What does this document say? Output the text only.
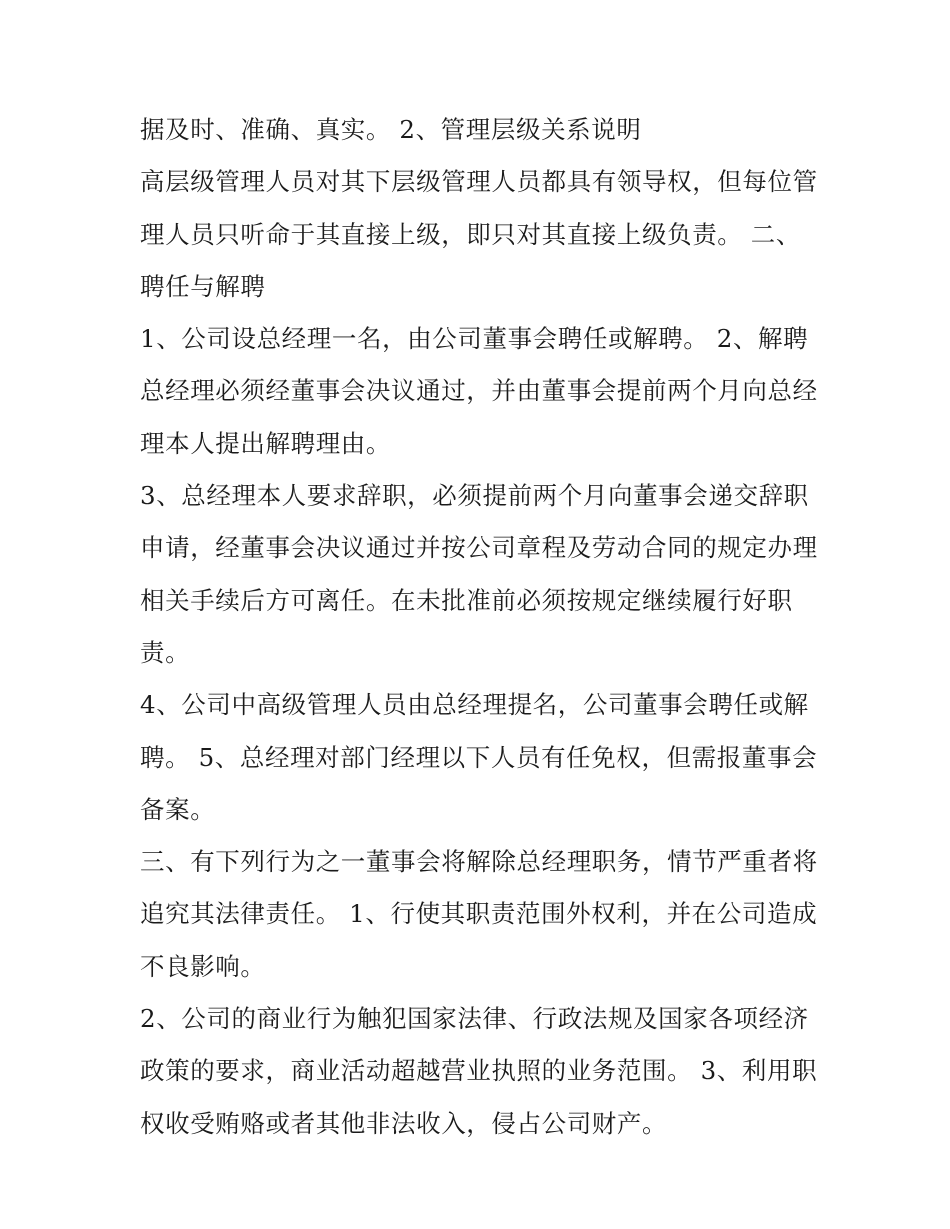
据及时、准确、真实。 2、管理层级关系说明
高层级管理人员对其下层级管理人员都具有领导权，但每位管
理人员只听命于其直接上级，即只对其直接上级负责。 二、
聘任与解聘
1、公司设总经理一名，由公司董事会聘任或解聘。 2、解聘
总经理必须经董事会决议通过，并由董事会提前两个月向总经
理本人提出解聘理由。
3、总经理本人要求辞职，必须提前两个月向董事会递交辞职
申请，经董事会决议通过并按公司章程及劳动合同的规定办理
相关手续后方可离任。在未批准前必须按规定继续履行好职
责。
4、公司中高级管理人员由总经理提名，公司董事会聘任或解
聘。 5、总经理对部门经理以下人员有任免权，但需报董事会
备案。
三、有下列行为之一董事会将解除总经理职务，情节严重者将
追究其法律责任。 1、行使其职责范围外权利，并在公司造成
不良影响。
2、公司的商业行为触犯国家法律、行政法规及国家各项经济
政策的要求，商业活动超越营业执照的业务范围。 3、利用职
权收受贿赂或者其他非法收入，侵占公司财产。
